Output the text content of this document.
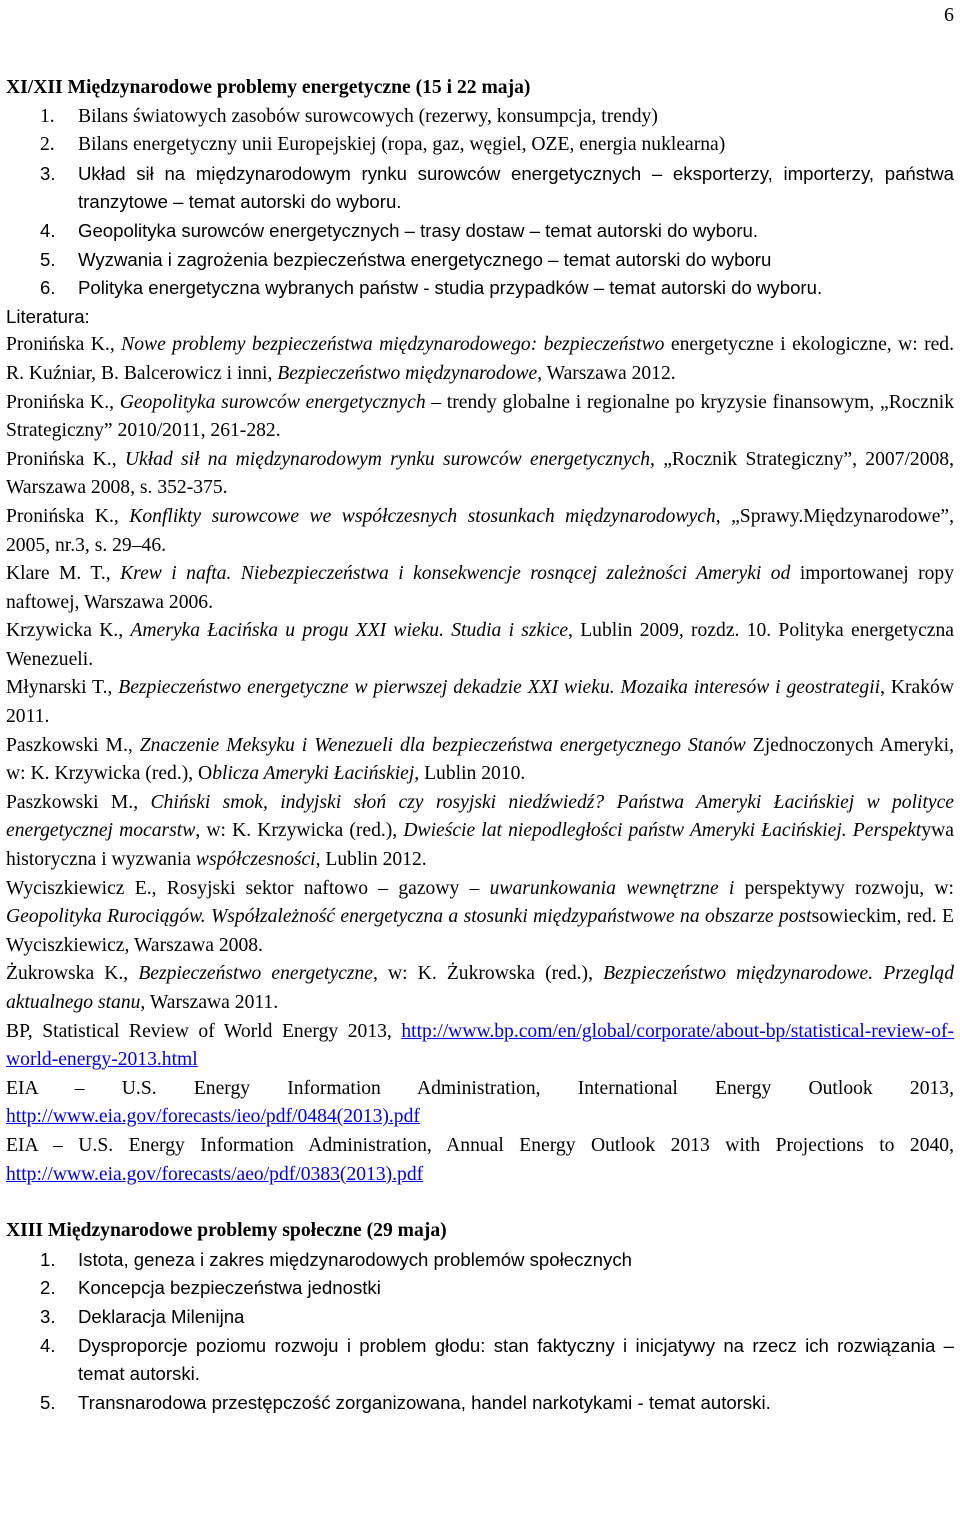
6

XI/XII Międzynarodowe problemy energetyczne (15 i 22 maja)

1. Bilans światowych zasobów surowcowych (rezerwy, konsumpcja, trendy)
2. Bilans energetyczny unii Europejskiej (ropa, gaz, węgiel, OZE, energia nuklearna)
3. Układ sił na międzynarodowym rynku surowców energetycznych – eksporterzy, importerzy, państwa tranzytowe – temat autorski do wyboru.
4. Geopolityka surowców energetycznych – trasy dostaw – temat autorski do wyboru.
5. Wyzwania i zagrożenia bezpieczeństwa energetycznego – temat autorski do wyboru
6. Polityka energetyczna wybranych państw - studia przypadków – temat autorski do wyboru.

Literatura:

Pronińska K., Nowe problemy bezpieczeństwa międzynarodowego: bezpieczeństwo energetyczne i ekologiczne, w: red. R. Kuźniar, B. Balcerowicz i inni, Bezpieczeństwo międzynarodowe, Warszawa 2012.

Pronińska K., Geopolityka surowców energetycznych – trendy globalne i regionalne po kryzysie finansowym, „Rocznik Strategiczny” 2010/2011, 261-282.

Pronińska K., Układ sił na międzynarodowym rynku surowców energetycznych, „Rocznik Strategiczny”, 2007/2008, Warszawa 2008, s. 352-375.

Pronińska K., Konflikty surowcowe we współczesnych stosunkach międzynarodowych, „Sprawy.Międzynarodowe”, 2005, nr.3, s. 29–46.

Klare M. T., Krew i nafta. Niebezpieczeństwa i konsekwencje rosnącej zależności Ameryki od importowanej ropy naftowej, Warszawa 2006.

Krzywicka K., Ameryka Łacińska u progu XXI wieku. Studia i szkice, Lublin 2009, rozdz. 10. Polityka energetyczna Wenezueli.

Młynarski T., Bezpieczeństwo energetyczne w pierwszej dekadzie XXI wieku. Mozaika interesów i geostrategii, Kraków 2011.

Paszkowski M., Znaczenie Meksyku i Wenezueli dla bezpieczeństwa energetycznego Stanów Zjednoczonych Ameryki, w: K. Krzywicka (red.), Oblicza Ameryki Łacińskiej, Lublin 2010.

Paszkowski M., Chiński smok, indyjski słoń czy rosyjski niedźwiedź? Państwa Ameryki Łacińskiej w polityce energetycznej mocarstw, w: K. Krzywicka (red.), Dwieście lat niepodległości państw Ameryki Łacińskiej. Perspektywa historyczna i wyzwania współczesności, Lublin 2012.

Wyciszkiewicz E., Rosyjski sektor naftowo – gazowy – uwarunkowania wewnętrzne i perspektywy rozwoju, w: Geopolityka Rurociągów. Współzależność energetyczna a stosunki międzypaństwowe na obszarze postsowieckim, red. E Wyciszkiewicz, Warszawa 2008.

Żukrowska K., Bezpieczeństwo energetyczne, w: K. Żukrowska (red.), Bezpieczeństwo międzynarodowe. Przegląd aktualnego stanu, Warszawa 2011.

BP, Statistical Review of World Energy 2013, http://www.bp.com/en/global/corporate/about-bp/statistical-review-of-world-energy-2013.html

EIA – U.S. Energy Information Administration, International Energy Outlook 2013, http://www.eia.gov/forecasts/ieo/pdf/0484(2013).pdf

EIA – U.S. Energy Information Administration, Annual Energy Outlook 2013 with Projections to 2040, http://www.eia.gov/forecasts/aeo/pdf/0383(2013).pdf

XIII Międzynarodowe problemy społeczne (29 maja)

1. Istota, geneza i zakres międzynarodowych problemów społecznych
2. Koncepcja bezpieczeństwa jednostki
3. Deklaracja Milenijna
4. Dysproporcje poziomu rozwoju i problem głodu: stan faktyczny i inicjatywy na rzecz ich rozwiązania – temat autorski.
5. Transnarodowa przestępczość zorganizowana, handel narkotykami - temat autorski.
